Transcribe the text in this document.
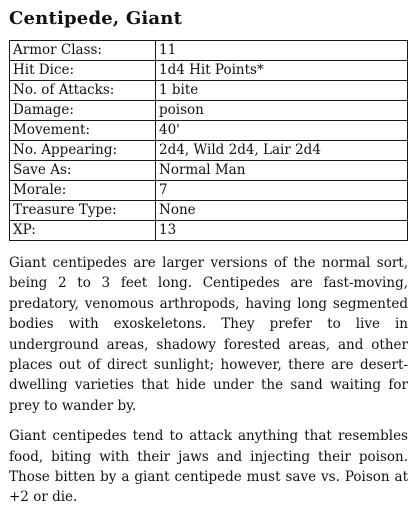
Centipede, Giant
Armor Class:	11
Hit Dice:	1d4 Hit Points*
No. of Attacks:	1 bite
Damage:	poison
Movement:	40'
No. Appearing:	2d4, Wild 2d4, Lair 2d4
Save As:	Normal Man
Morale:	7
Treasure Type:	None
XP:	13

Giant centipedes are larger versions of the normal sort, being 2 to 3 feet long. Centipedes are fast-moving, predatory, venomous arthropods, having long segmented bodies with exoskeletons. They prefer to live in underground areas, shadowy forested areas, and other places out of direct sunlight; however, there are desert-dwelling varieties that hide under the sand waiting for prey to wander by.

Giant centipedes tend to attack anything that resembles food, biting with their jaws and injecting their poison. Those bitten by a giant centipede must save vs. Poison at +2 or die.
